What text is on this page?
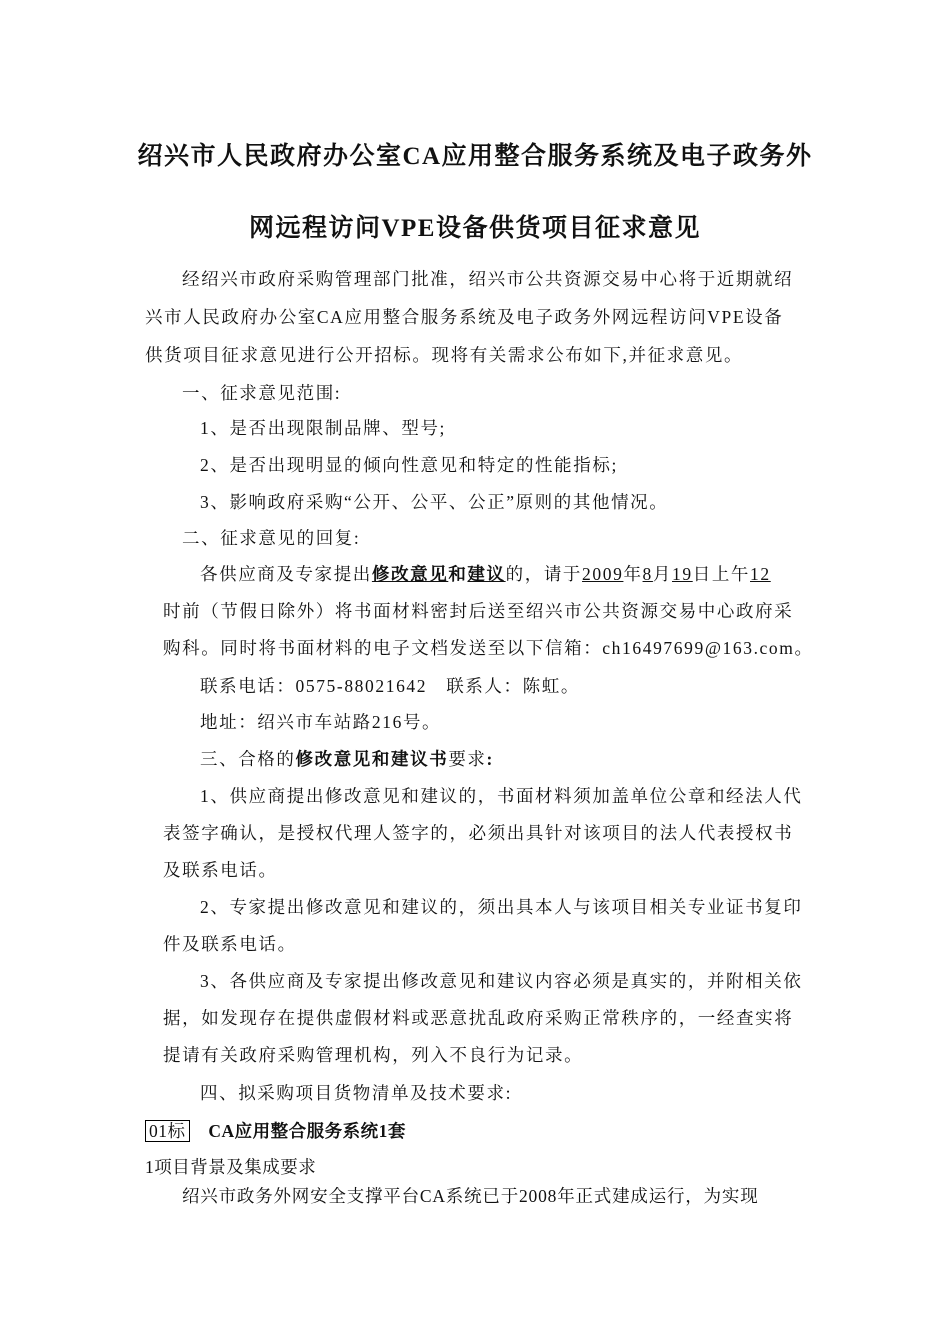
绍兴市人民政府办公室CA应用整合服务系统及电子政务外
网远程访问VPE设备供货项目征求意见
经绍兴市政府采购管理部门批准，绍兴市公共资源交易中心将于近期就绍
兴市人民政府办公室CA应用整合服务系统及电子政务外网远程访问VPE设备
供货项目征求意见进行公开招标。现将有关需求公布如下,并征求意见。
一、征求意见范围:
1、是否出现限制品牌、型号;
2、是否出现明显的倾向性意见和特定的性能指标;
3、影响政府采购“公开、公平、公正”原则的其他情况。
二、征求意见的回复:
各供应商及专家提出修改意见和建议的，请于2009年8月19日上午12
时前（节假日除外）将书面材料密封后送至绍兴市公共资源交易中心政府采
购科。同时将书面材料的电子文档发送至以下信箱：ch16497699@163.com。
联系电话：0575-88021642　联系人：陈虹。
地址：绍兴市车站路216号。
三、合格的修改意见和建议书要求:
1、供应商提出修改意见和建议的，书面材料须加盖单位公章和经法人代
表签字确认，是授权代理人签字的，必须出具针对该项目的法人代表授权书
及联系电话。
2、专家提出修改意见和建议的，须出具本人与该项目相关专业证书复印
件及联系电话。
3、各供应商及专家提出修改意见和建议内容必须是真实的，并附相关依
据，如发现存在提供虚假材料或恶意扰乱政府采购正常秩序的，一经查实将
提请有关政府采购管理机构，列入不良行为记录。
四、拟采购项目货物清单及技术要求:
01标 CA应用整合服务系统1套
1项目背景及集成要求
绍兴市政务外网安全支撑平台CA系统已于2008年正式建成运行，为实现
